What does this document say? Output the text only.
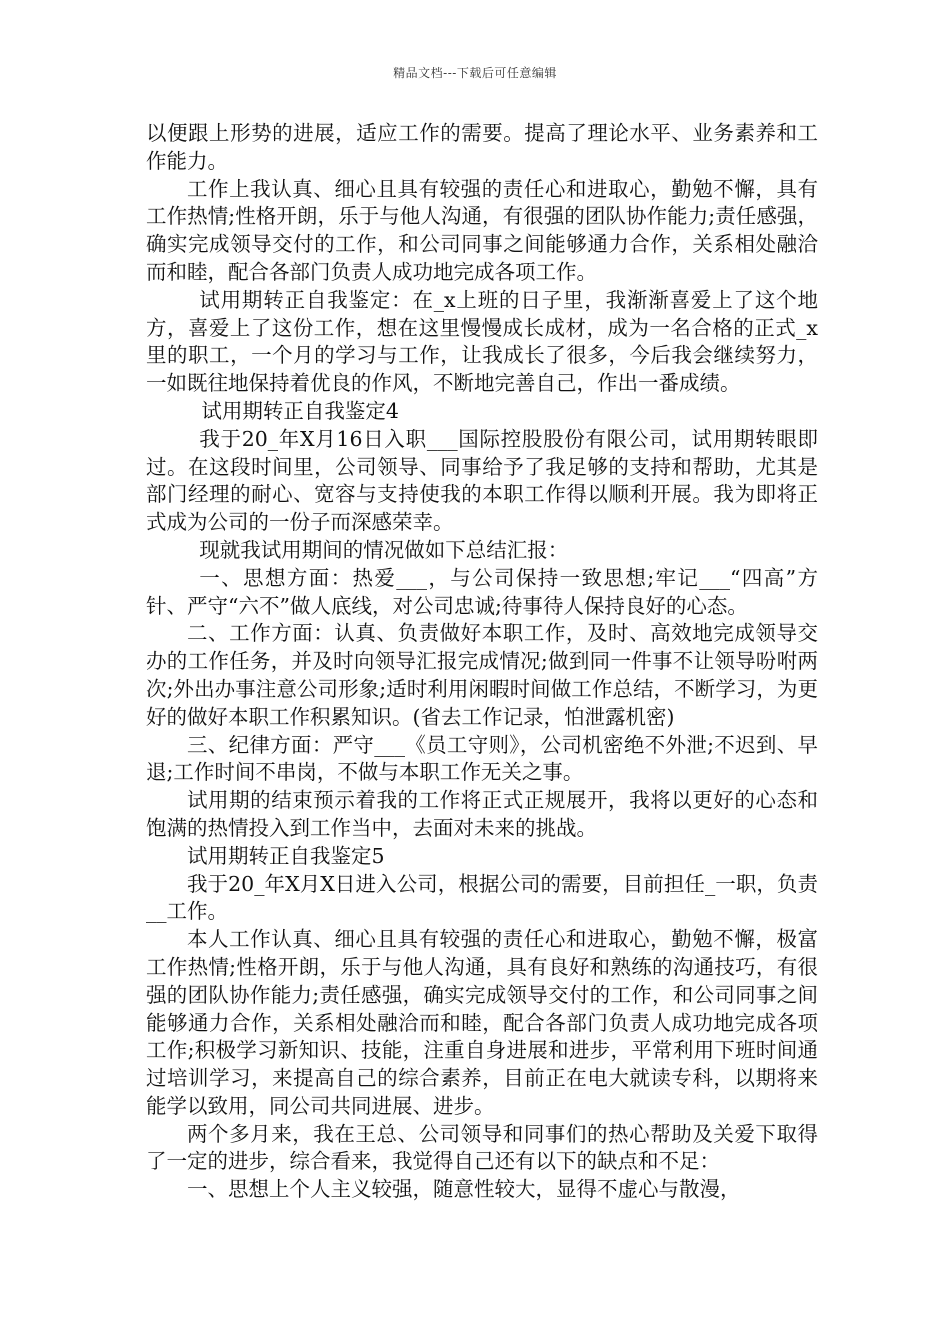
精品文档---下载后可任意编辑

以便跟上形势的进展，适应工作的需要。提高了理论水平、业务素养和工作能力。

工作上我认真、细心且具有较强的责任心和进取心，勤勉不懈，具有工作热情;性格开朗，乐于与他人沟通，有很强的团队协作能力;责任感强，确实完成领导交付的工作，和公司同事之间能够通力合作，关系相处融洽而和睦，配合各部门负责人成功地完成各项工作。

试用期转正自我鉴定：在_x上班的日子里，我渐渐喜爱上了这个地方，喜爱上了这份工作，想在这里慢慢成长成材，成为一名合格的正式_x里的职工，一个月的学习与工作，让我成长了很多，今后我会继续努力，一如既往地保持着优良的作风，不断地完善自己，作出一番成绩。

试用期转正自我鉴定4

我于20_年X月16日入职___国际控股股份有限公司，试用期转眼即过。在这段时间里，公司领导、同事给予了我足够的支持和帮助，尤其是部门经理的耐心、宽容与支持使我的本职工作得以顺利开展。我为即将正式成为公司的一份子而深感荣幸。

现就我试用期间的情况做如下总结汇报：

一、思想方面：热爱___，与公司保持一致思想;牢记___“四高”方针、严守“六不”做人底线，对公司忠诚;待事待人保持良好的心态。

二、工作方面：认真、负责做好本职工作，及时、高效地完成领导交办的工作任务，并及时向领导汇报完成情况;做到同一件事不让领导吩咐两次;外出办事注意公司形象;适时利用闲暇时间做工作总结，不断学习，为更好的做好本职工作积累知识。(省去工作记录，怕泄露机密)

三、纪律方面：严守___《员工守则》，公司机密绝不外泄;不迟到、早退;工作时间不串岗，不做与本职工作无关之事。

试用期的结束预示着我的工作将正式正规展开，我将以更好的心态和饱满的热情投入到工作当中，去面对未来的挑战。

试用期转正自我鉴定5

我于20_年X月X日进入公司，根据公司的需要，目前担任_一职，负责__工作。

本人工作认真、细心且具有较强的责任心和进取心，勤勉不懈，极富工作热情;性格开朗，乐于与他人沟通，具有良好和熟练的沟通技巧，有很强的团队协作能力;责任感强，确实完成领导交付的工作，和公司同事之间能够通力合作，关系相处融洽而和睦，配合各部门负责人成功地完成各项工作;积极学习新知识、技能，注重自身进展和进步，平常利用下班时间通过培训学习，来提高自己的综合素养，目前正在电大就读专科，以期将来能学以致用，同公司共同进展、进步。

两个多月来，我在王总、公司领导和同事们的热心帮助及关爱下取得了一定的进步，综合看来，我觉得自己还有以下的缺点和不足：

一、思想上个人主义较强，随意性较大，显得不虚心与散漫，
